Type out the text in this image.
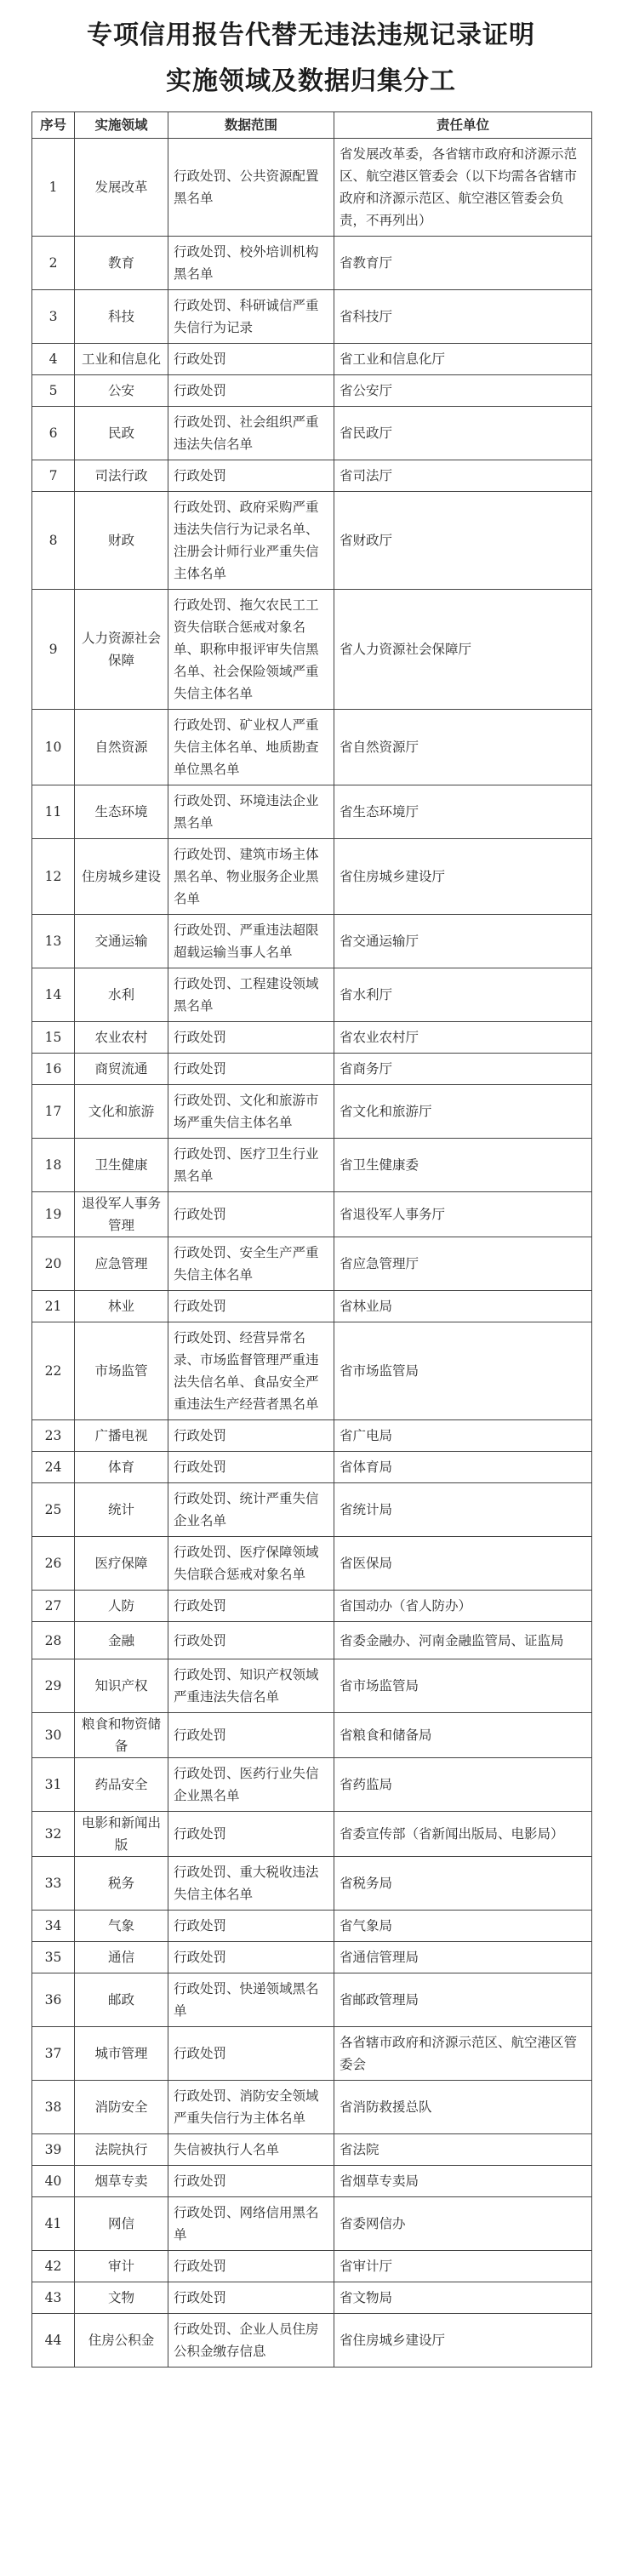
专项信用报告代替无违法违规记录证明
实施领域及数据归集分工
序号	实施领域	数据范围	责任单位
1	发展改革	行政处罚、公共资源配置黑名单	省发展改革委，各省辖市政府和济源示范区、航空港区管委会（以下均需各省辖市政府和济源示范区、航空港区管委会负责，不再列出）
2	教育	行政处罚、校外培训机构黑名单	省教育厅
3	科技	行政处罚、科研诚信严重失信行为记录	省科技厅
4	工业和信息化	行政处罚	省工业和信息化厅
5	公安	行政处罚	省公安厅
6	民政	行政处罚、社会组织严重违法失信名单	省民政厅
7	司法行政	行政处罚	省司法厅
8	财政	行政处罚、政府采购严重违法失信行为记录名单、注册会计师行业严重失信主体名单	省财政厅
9	人力资源社会保障	行政处罚、拖欠农民工工资失信联合惩戒对象名单、职称申报评审失信黑名单、社会保险领域严重失信主体名单	省人力资源社会保障厅
10	自然资源	行政处罚、矿业权人严重失信主体名单、地质勘查单位黑名单	省自然资源厅
11	生态环境	行政处罚、环境违法企业黑名单	省生态环境厅
12	住房城乡建设	行政处罚、建筑市场主体黑名单、物业服务企业黑名单	省住房城乡建设厅
13	交通运输	行政处罚、严重违法超限超载运输当事人名单	省交通运输厅
14	水利	行政处罚、工程建设领域黑名单	省水利厅
15	农业农村	行政处罚	省农业农村厅
16	商贸流通	行政处罚	省商务厅
17	文化和旅游	行政处罚、文化和旅游市场严重失信主体名单	省文化和旅游厅
18	卫生健康	行政处罚、医疗卫生行业黑名单	省卫生健康委
19	退役军人事务管理	行政处罚	省退役军人事务厅
20	应急管理	行政处罚、安全生产严重失信主体名单	省应急管理厅
21	林业	行政处罚	省林业局
22	市场监管	行政处罚、经营异常名录、市场监督管理严重违法失信名单、食品安全严重违法生产经营者黑名单	省市场监管局
23	广播电视	行政处罚	省广电局
24	体育	行政处罚	省体育局
25	统计	行政处罚、统计严重失信企业名单	省统计局
26	医疗保障	行政处罚、医疗保障领域失信联合惩戒对象名单	省医保局
27	人防	行政处罚	省国动办（省人防办）
28	金融	行政处罚	省委金融办、河南金融监管局、证监局
29	知识产权	行政处罚、知识产权领域严重违法失信名单	省市场监管局
30	粮食和物资储备	行政处罚	省粮食和储备局
31	药品安全	行政处罚、医药行业失信企业黑名单	省药监局
32	电影和新闻出版	行政处罚	省委宣传部（省新闻出版局、电影局）
33	税务	行政处罚、重大税收违法失信主体名单	省税务局
34	气象	行政处罚	省气象局
35	通信	行政处罚	省通信管理局
36	邮政	行政处罚、快递领域黑名单	省邮政管理局
37	城市管理	行政处罚	各省辖市政府和济源示范区、航空港区管委会
38	消防安全	行政处罚、消防安全领域严重失信行为主体名单	省消防救援总队
39	法院执行	失信被执行人名单	省法院
40	烟草专卖	行政处罚	省烟草专卖局
41	网信	行政处罚、网络信用黑名单	省委网信办
42	审计	行政处罚	省审计厅
43	文物	行政处罚	省文物局
44	住房公积金	行政处罚、企业人员住房公积金缴存信息	省住房城乡建设厅
